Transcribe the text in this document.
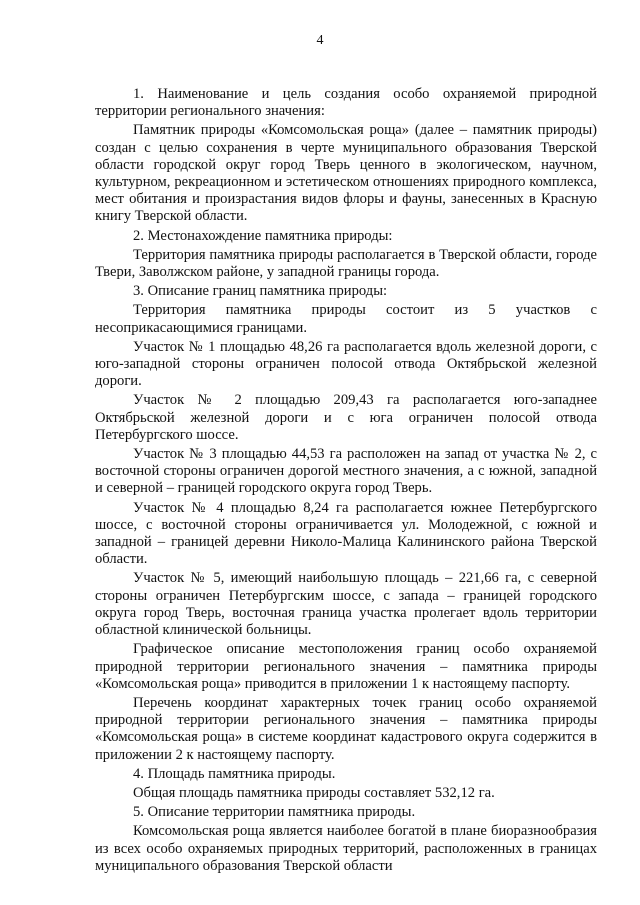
4

1. Наименование и цель создания особо охраняемой природной территории регионального значения:

Памятник природы «Комсомольская роща» (далее – памятник природы) создан с целью сохранения в черте муниципального образования Тверской области городской округ город Тверь ценного в экологическом, научном, культурном, рекреационном и эстетическом отношениях природного комплекса, мест обитания и произрастания видов флоры и фауны, занесенных в Красную книгу Тверской области.

2. Местонахождение памятника природы:

Территория памятника природы располагается в Тверской области, городе Твери, Заволжском районе, у западной границы города.

3. Описание границ памятника природы:

Территория памятника природы состоит из 5 участков с несоприкасающимися границами.

Участок № 1 площадью 48,26 га располагается вдоль железной дороги, с юго-западной стороны ограничен полосой отвода Октябрьской железной дороги.

Участок № 2 площадью 209,43 га располагается юго-западнее Октябрьской железной дороги и с юга ограничен полосой отвода Петербургского шоссе.

Участок № 3 площадью 44,53 га расположен на запад от участка № 2, с восточной стороны ограничен дорогой местного значения, а с южной, западной и северной – границей городского округа город Тверь.

Участок № 4 площадью 8,24 га располагается южнее Петербургского шоссе, с восточной стороны ограничивается ул. Молодежной, с южной и западной – границей деревни Николо-Малица Калининского района Тверской области.

Участок № 5, имеющий наибольшую площадь – 221,66 га, с северной стороны ограничен Петербургским шоссе, с запада – границей городского округа город Тверь, восточная граница участка пролегает вдоль территории областной клинической больницы.

Графическое описание местоположения границ особо охраняемой природной территории регионального значения – памятника природы «Комсомольская роща» приводится в приложении 1 к настоящему паспорту.

Перечень координат характерных точек границ особо охраняемой природной территории регионального значения – памятника природы «Комсомольская роща» в системе координат кадастрового округа содержится в приложении 2 к настоящему паспорту.

4. Площадь памятника природы.

Общая площадь памятника природы составляет 532,12 га.

5. Описание территории памятника природы.

Комсомольская роща является наиболее богатой в плане биоразнообразия из всех особо охраняемых природных территорий, расположенных в границах муниципального образования Тверской области
